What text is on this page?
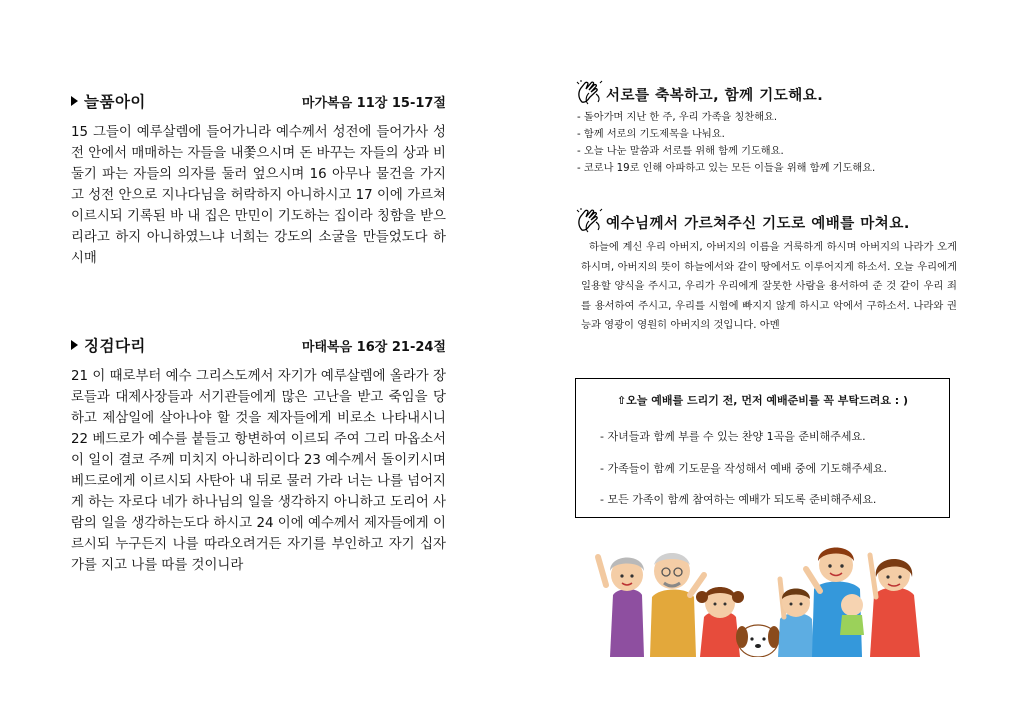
늘품아이	마가복음 11장 15-17절
15 그들이 예루살렘에 들어가니라 예수께서 성전에 들어가사 성전 안에서 매매하는 자들을 내쫓으시며 돈 바꾸는 자들의 상과 비둘기 파는 자들의 의자를 둘러 엎으시며 16 아무나 물건을 가지고 성전 안으로 지나다님을 허락하지 아니하시고 17 이에 가르쳐 이르시되 기록된 바 내 집은 만민이 기도하는 집이라 칭함을 받으리라고 하지 아니하였느냐 너희는 강도의 소굴을 만들었도다 하시매
징검다리	마태복음 16장 21-24절
21 이 때로부터 예수 그리스도께서 자기가 예루살렘에 올라가 장로들과 대제사장들과 서기관들에게 많은 고난을 받고 죽임을 당하고 제삼일에 살아나야 할 것을 제자들에게 비로소 나타내시니 22 베드로가 예수를 붙들고 항변하여 이르되 주여 그리 마옵소서 이 일이 결코 주께 미치지 아니하리이다 23 예수께서 돌이키시며 베드로에게 이르시되 사탄아 내 뒤로 물러 가라 너는 나를 넘어지게 하는 자로다 네가 하나님의 일을 생각하지 아니하고 도리어 사람의 일을 생각하는도다 하시고 24 이에 예수께서 제자들에게 이르시되 누구든지 나를 따라오려거든 자기를 부인하고 자기 십자가를 지고 나를 따를 것이니라
서로를 축복하고, 함께 기도해요.
- 돌아가며 지난 한 주, 우리 가족을 칭찬해요.
- 함께 서로의 기도제목을 나눠요.
- 오늘 나눈 말씀과 서로를 위해 함께 기도해요.
- 코로나 19로 인해 아파하고 있는 모든 이들을 위해 함께 기도해요.
예수님께서 가르쳐주신 기도로 예배를 마쳐요.
하늘에 계신 우리 아버지, 아버지의 이름을 거룩하게 하시며 아버지의 나라가 오게 하시며, 아버지의 뜻이 하늘에서와 같이 땅에서도 이루어지게 하소서. 오늘 우리에게 일용할 양식을 주시고, 우리가 우리에게 잘못한 사람을 용서하여 준 것 같이 우리 죄를 용서하여 주시고, 우리를 시험에 빠지지 않게 하시고 악에서 구하소서. 나라와 권능과 영광이 영원히 아버지의 것입니다. 아멘
⇧오늘 예배를 드리기 전, 먼저 예배준비를 꼭 부탁드려요 : )
- 자녀들과 함께 부를 수 있는 찬양 1곡을 준비해주세요.
- 가족들이 함께 기도문을 작성해서 예배 중에 기도해주세요.
- 모든 가족이 함께 참여하는 예배가 되도록 준비해주세요.
